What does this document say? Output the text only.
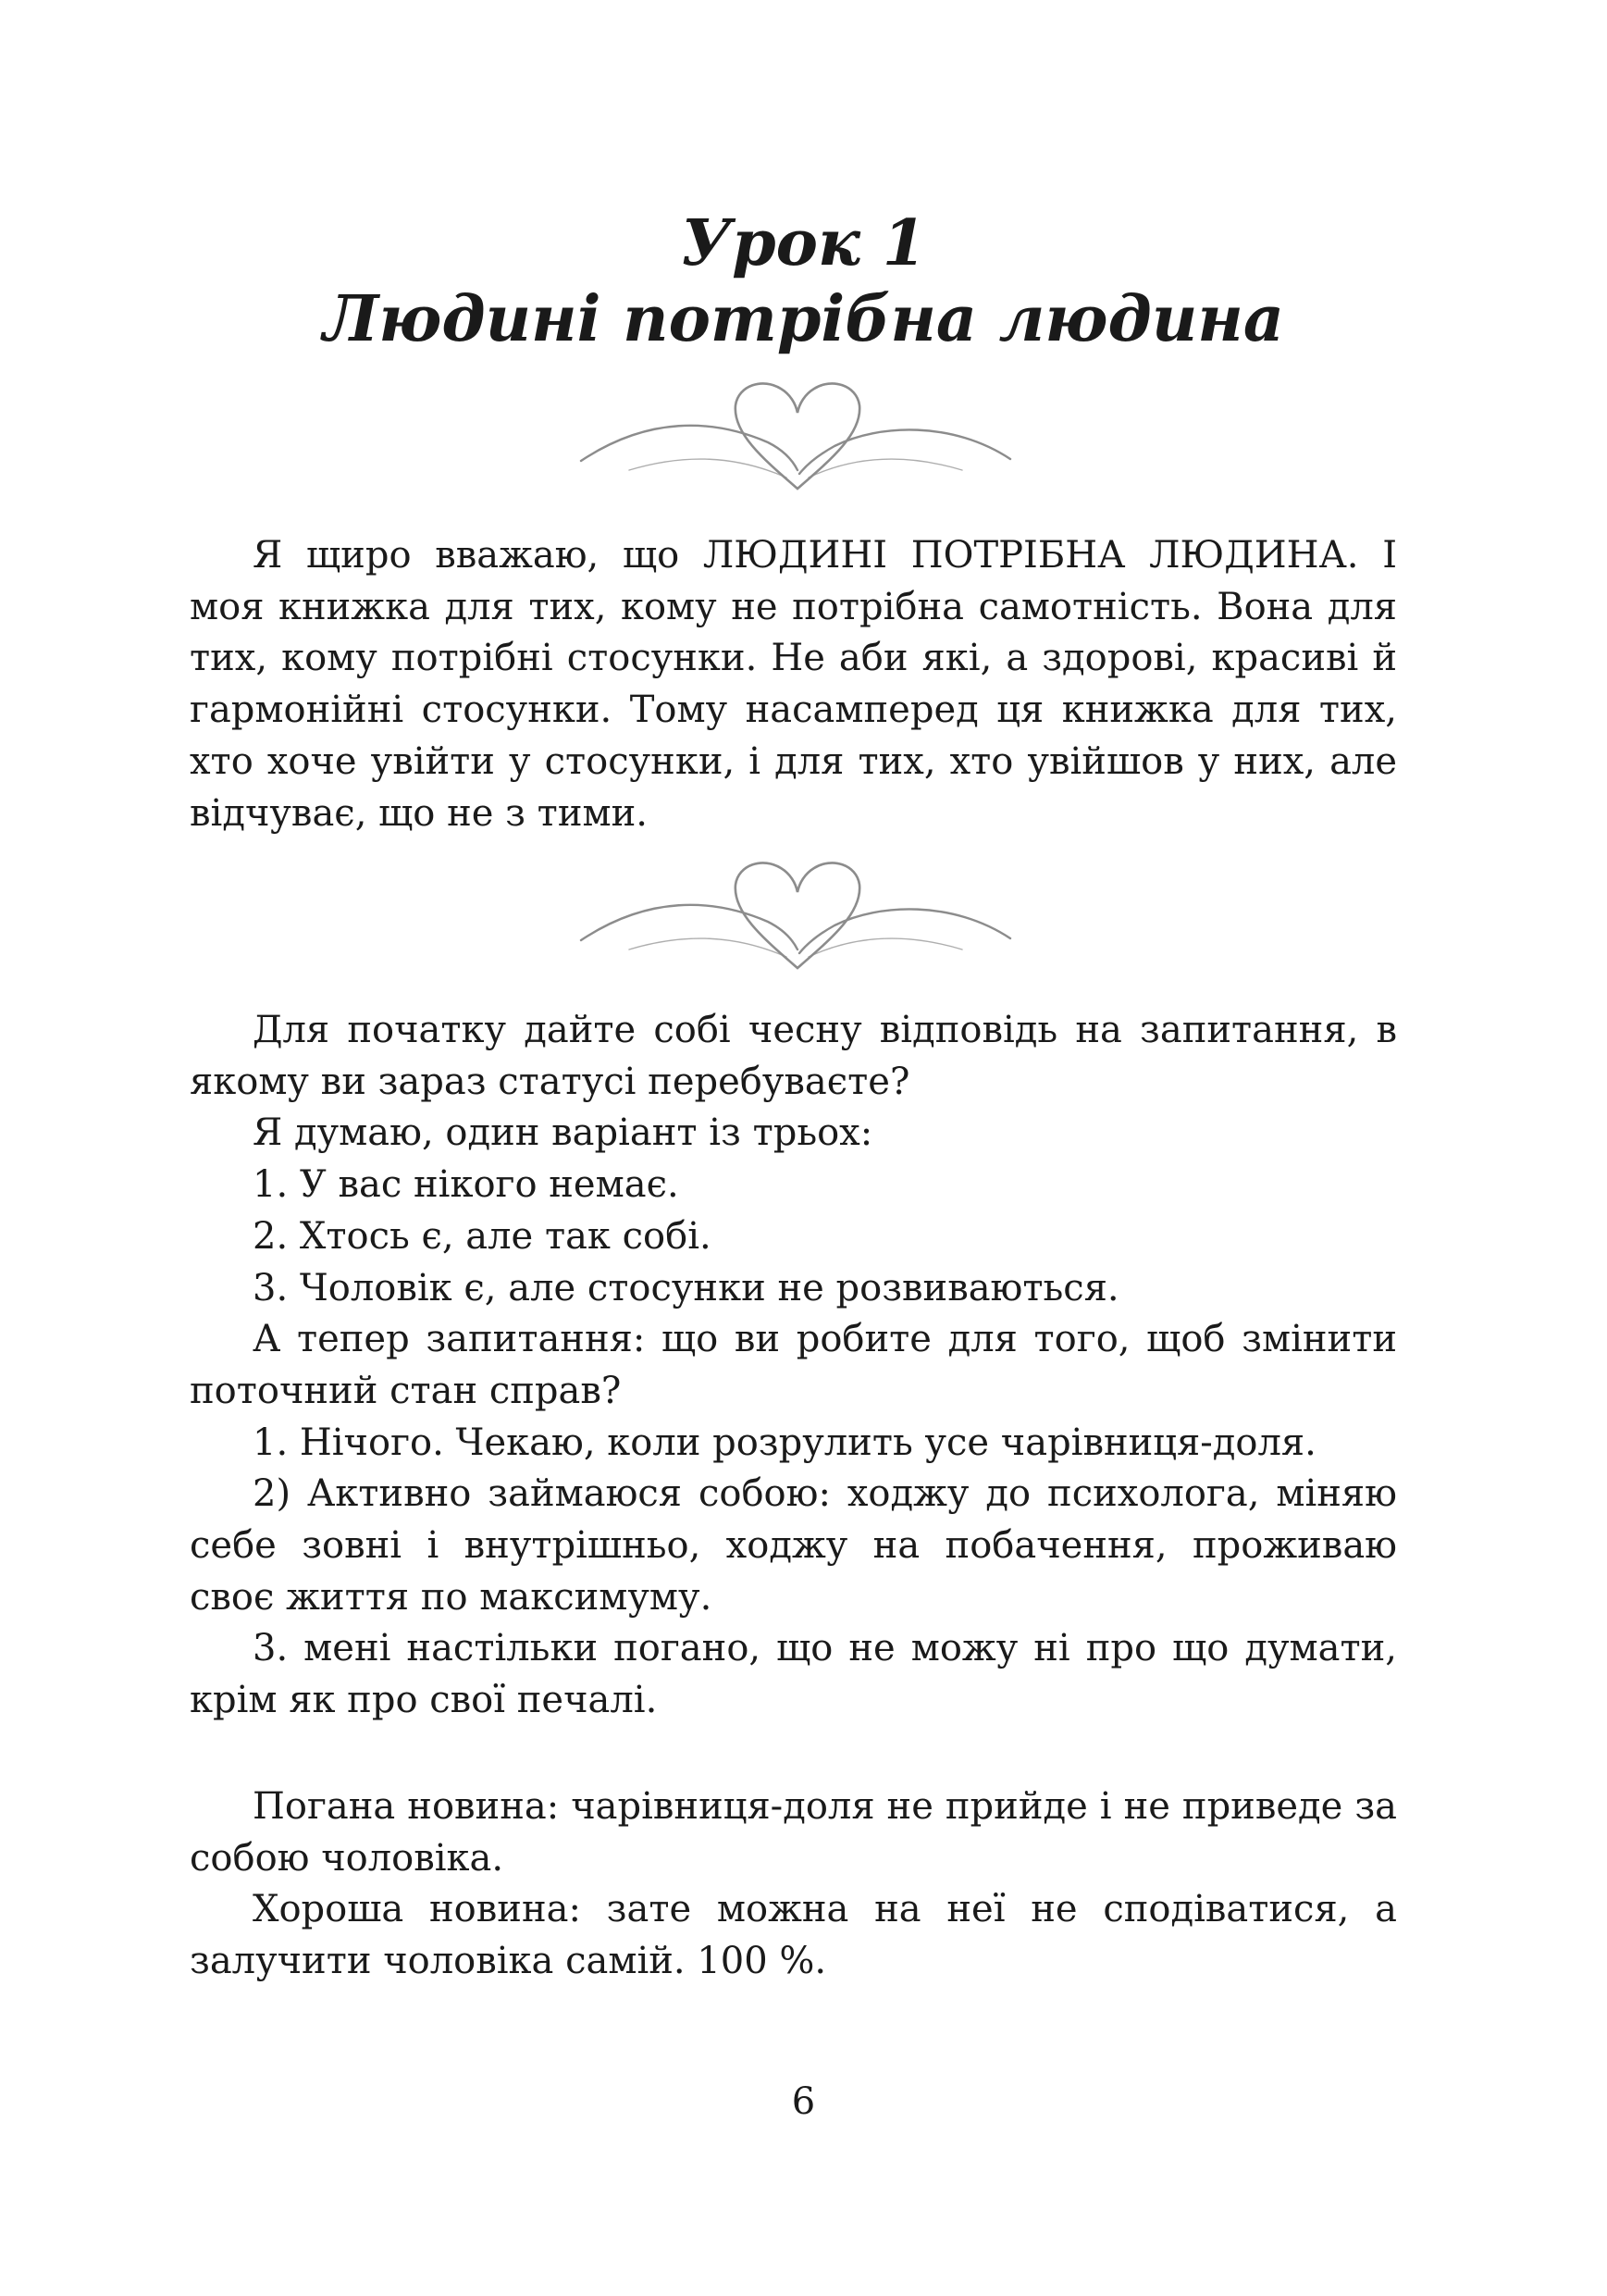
Урок 1
Людині потрібна людина

Я щиро вважаю, що ЛЮДИНІ ПОТРІБНА ЛЮДИНА. І моя книжка для тих, кому не потрібна самотність. Вона для тих, кому потрібні стосунки. Не аби які, а здорові, красиві й гармонійні стосунки. Тому насамперед ця книжка для тих, хто хоче увійти у стосунки, і для тих, хто увійшов у них, але відчуває, що не з тими.

Для початку дайте собі чесну відповідь на запитання, в якому ви зараз статусі перебуваєте?

Я думаю, один варіант із трьох:

1. У вас нікого немає.

2. Хтось є, але так собі.

3. Чоловік є, але стосунки не розвиваються.

А тепер запитання: що ви робите для того, щоб змінити поточний стан справ?

1. Нічого. Чекаю, коли розрулить усе чарівниця-доля.

2) Активно займаюся собою: ходжу до психолога, міняю себе зовні і внутрішньо, ходжу на побачення, проживаю своє життя по максимуму.

3. мені настільки погано, що не можу ні про що думати, крім як про свої печалі.

Погана новина: чарівниця-доля не прийде і не приведе за собою чоловіка.

Хороша новина: зате можна на неї не сподіватися, а залучити чоловіка самій. 100 %.

6
